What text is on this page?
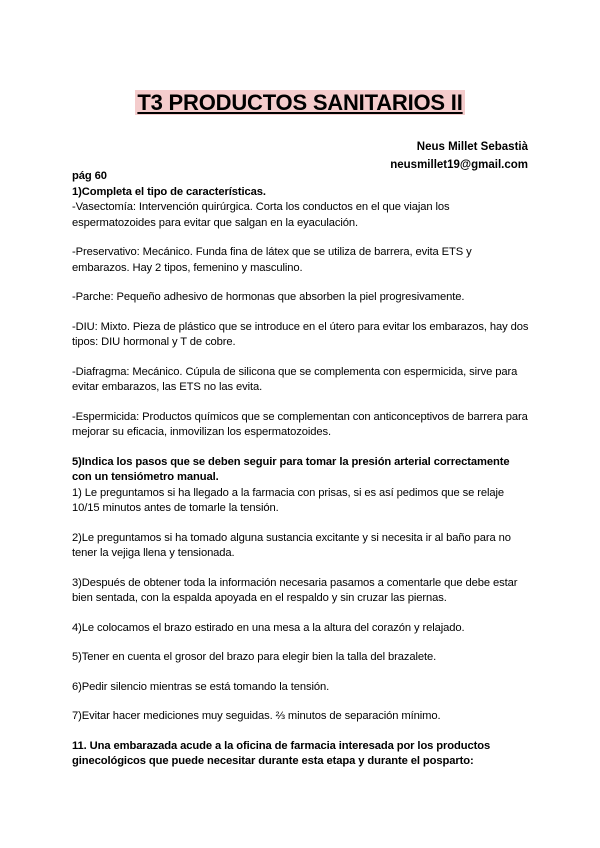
T3 PRODUCTOS SANITARIOS II
Neus Millet Sebastià
neusmillet19@gmail.com

pág 60

1)Completa el tipo de características.

-Vasectomía: Intervención quirúrgica. Corta los conductos en el que viajan los espermatozoides para evitar que salgan en la eyaculación.

-Preservativo: Mecánico. Funda fina de látex que se utiliza de barrera, evita ETS y embarazos. Hay 2 tipos, femenino y masculino.

-Parche: Pequeño adhesivo de hormonas que absorben la piel progresivamente.

-DIU: Mixto. Pieza de plástico que se introduce en el útero para evitar los embarazos, hay dos tipos: DIU hormonal y T de cobre.

-Diafragma: Mecánico. Cúpula de silicona que se complementa con espermicida, sirve para evitar embarazos, las ETS no las evita.

-Espermicida: Productos químicos que se complementan con anticonceptivos de barrera para mejorar su eficacia, inmovilizan los espermatozoides.

5)Indica los pasos que se deben seguir para tomar la presión arterial correctamente con un tensiómetro manual.

1) Le preguntamos si ha llegado a la farmacia con prisas, si es así pedimos que se relaje 10/15 minutos antes de tomarle la tensión.

2)Le preguntamos si ha tomado alguna sustancia excitante y si necesita ir al baño para no tener la vejiga llena y tensionada.

3)Después de obtener toda la información necesaria pasamos a comentarle que debe estar bien sentada, con la espalda apoyada en el respaldo y sin cruzar las piernas.

4)Le colocamos el brazo estirado en una mesa a la altura del corazón y relajado.

5)Tener en cuenta el grosor del brazo para elegir bien la talla del brazalete.

6)Pedir silencio mientras se está tomando la tensión.

7)Evitar hacer mediciones muy seguidas. ⅔ minutos de separación mínimo.

11. Una embarazada acude a la oficina de farmacia interesada por los productos ginecológicos que puede necesitar durante esta etapa y durante el posparto:
